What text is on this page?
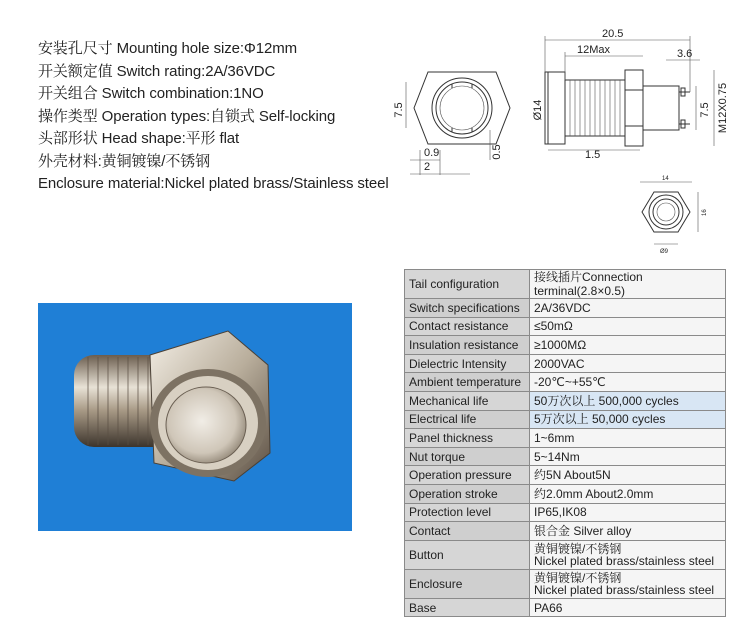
安装孔尺寸 Mounting hole size:Φ12mm
开关额定值 Switch rating:2A/36VDC
开关组合 Switch combination:1NO
操作类型 Operation types:自锁式 Self-locking
头部形状 Head shape:平形 flat
外壳材料:黄铜镀镍/不锈钢
Enclosure material:Nickel plated brass/Stainless steel
7.5
0.9
2
0.5
20.5
12Max	3.6
Ø14
1.5
7.5 M12X0.75
14
16
Ø9
Tail configuration	接线插片Connection terminal(2.8×0.5)
Switch specifications	2A/36VDC
Contact resistance	≤50mΩ
Insulation resistance	≥1000MΩ
Dielectric Intensity	2000VAC
Ambient temperature	-20℃~+55℃
Mechanical life	50万次以上 500,000 cycles
Electrical life	5万次以上 50,000 cycles
Panel thickness	1~6mm
Nut torque	5~14Nm
Operation pressure	约5N About5N
Operation stroke	约2.0mm About2.0mm
Protection level	IP65,IK08
Contact	银合金 Silver alloy
Button	黄铜镀镍/不锈钢
Nickel plated brass/stainless steel

Enclosure	黄铜镀镍/不锈钢
Nickel plated brass/stainless steel

Base	PA66
